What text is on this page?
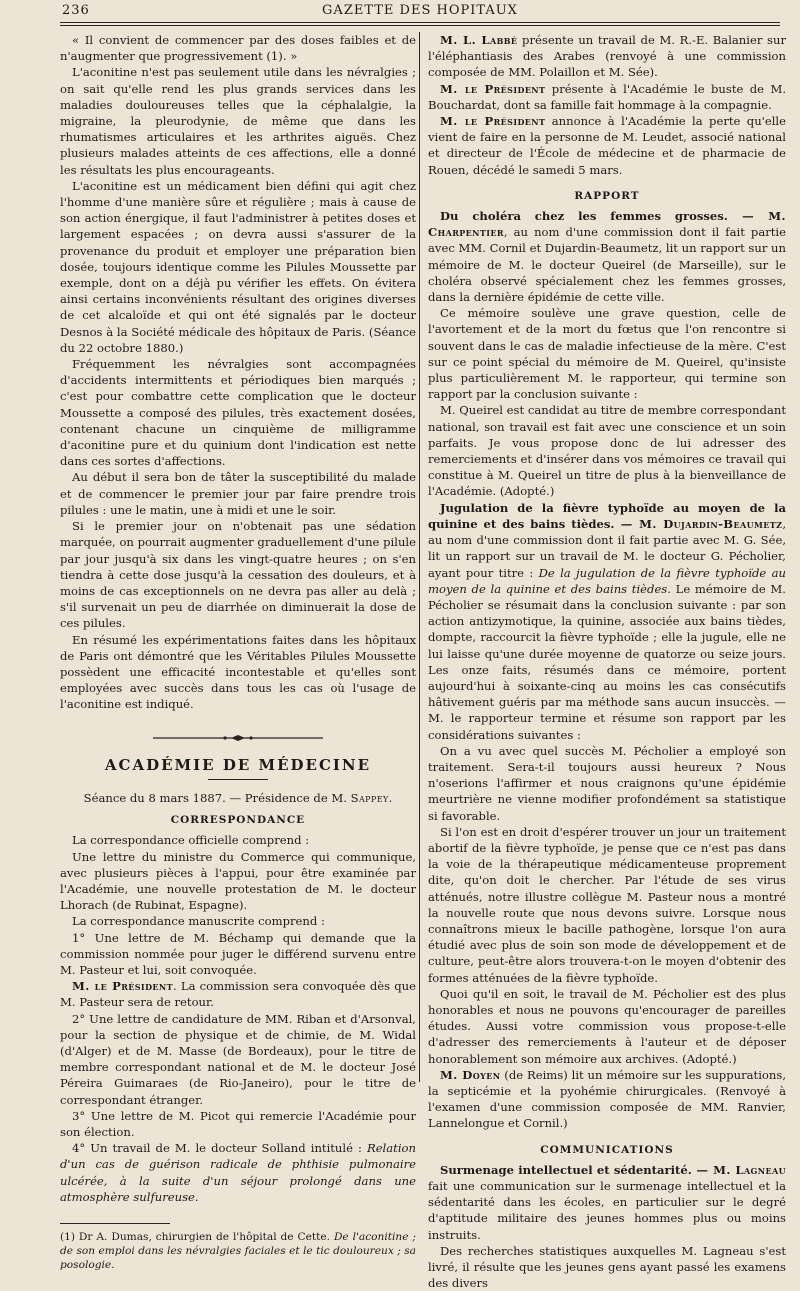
236	GAZETTE DES HOPITAUX

« Il convient de commencer par des doses faibles et de n'augmenter que progressivement (1). »

L'aconitine n'est pas seulement utile dans les névralgies ; on sait qu'elle rend les plus grands services dans les maladies douloureuses telles que la céphalalgie, la migraine, la pleurodynie, de même que dans les rhumatismes articulaires et les arthrites aiguës. Chez plusieurs malades atteints de ces affections, elle a donné les résultats les plus encourageants.

L'aconitine est un médicament bien défini qui agit chez l'homme d'une manière sûre et régulière ; mais à cause de son action énergique, il faut l'administrer à petites doses et largement espacées ; on devra aussi s'assurer de la provenance du produit et employer une préparation bien dosée, toujours identique comme les Pilules Moussette par exemple, dont on a déjà pu vérifier les effets. On évitera ainsi certains inconvénients résultant des origines diverses de cet alcaloïde et qui ont été signalés par le docteur Desnos à la Société médicale des hôpitaux de Paris. (Séance du 22 octobre 1880.)

Fréquemment les névralgies sont accompagnées d'accidents intermittents et périodiques bien marqués ; c'est pour combattre cette complication que le docteur Moussette a composé des pilules, très exactement dosées, contenant chacune un cinquième de milligramme d'aconitine pure et du quinium dont l'indication est nette dans ces sortes d'affections.

Au début il sera bon de tâter la susceptibilité du malade et de commencer le premier jour par faire prendre trois pilules : une le matin, une à midi et une le soir.

Si le premier jour on n'obtenait pas une sédation marquée, on pourrait augmenter graduellement d'une pilule par jour jusqu'à six dans les vingt-quatre heures ; on s'en tiendra à cette dose jusqu'à la cessation des douleurs, et à moins de cas exceptionnels on ne devra pas aller au delà ; s'il survenait un peu de diarrhée on diminuerait la dose de ces pilules.

En résumé les expérimentations faites dans les hôpitaux de Paris ont démontré que les Véritables Pilules Moussette possèdent une efficacité incontestable et qu'elles sont employées avec succès dans tous les cas où l'usage de l'aconitine est indiqué.

ACADÉMIE DE MÉDECINE
Séance du 8 mars 1887. — Présidence de M. Sappey.
CORRESPONDANCE

La correspondance officielle comprend :

Une lettre du ministre du Commerce qui communique, avec plusieurs pièces à l'appui, pour être examinée par l'Académie, une nouvelle protestation de M. le docteur Lhorach (de Rubinat, Espagne).

La correspondance manuscrite comprend :

1° Une lettre de M. Béchamp qui demande que la commission nommée pour juger le différend survenu entre M. Pasteur et lui, soit convoquée.

M. le Président. La commission sera convoquée dès que M. Pasteur sera de retour.

2° Une lettre de candidature de MM. Riban et d'Arsonval, pour la section de physique et de chimie, de M. Widal (d'Alger) et de M. Masse (de Bordeaux), pour le titre de membre correspondant national et de M. le docteur José Péreira Guimaraes (de Rio-Janeiro), pour le titre de correspondant étranger.

3° Une lettre de M. Picot qui remercie l'Académie pour son élection.

4° Un travail de M. le docteur Solland intitulé : Relation d'un cas de guérison radicale de phthisie pulmonaire ulcérée, à la suite d'un séjour prolongé dans une atmosphère sulfureuse.

(1) Dr A. Dumas, chirurgien de l'hôpital de Cette. De l'aconitine ; de son emploi dans les névralgies faciales et le tic douloureux ; sa posologie.

M. L. Labbé présente un travail de M. R.-E. Balanier sur l'éléphantiasis des Arabes (renvoyé à une commission composée de MM. Polaillon et M. Sée).

M. le Président présente à l'Académie le buste de M. Bouchardat, dont sa famille fait hommage à la compagnie.

M. le Président annonce à l'Académie la perte qu'elle vient de faire en la personne de M. Leudet, associé national et directeur de l'École de médecine et de pharmacie de Rouen, décédé le samedi 5 mars.

RAPPORT

Du choléra chez les femmes grosses. — M. Charpentier, au nom d'une commission dont il fait partie avec MM. Cornil et Dujardin-Beaumetz, lit un rapport sur un mémoire de M. le docteur Queirel (de Marseille), sur le choléra observé spécialement chez les femmes grosses, dans la dernière épidémie de cette ville.

Ce mémoire soulève une grave question, celle de l'avortement et de la mort du fœtus que l'on rencontre si souvent dans le cas de maladie infectieuse de la mère. C'est sur ce point spécial du mémoire de M. Queirel, qu'insiste plus particulièrement M. le rapporteur, qui termine son rapport par la conclusion suivante :

M. Queirel est candidat au titre de membre correspondant national, son travail est fait avec une conscience et un soin parfaits. Je vous propose donc de lui adresser des remerciements et d'insérer dans vos mémoires ce travail qui constitue à M. Queirel un titre de plus à la bienveillance de l'Académie. (Adopté.)

Jugulation de la fièvre typhoïde au moyen de la quinine et des bains tièdes. — M. Dujardin-Beaumetz, au nom d'une commission dont il fait partie avec M. G. Sée, lit un rapport sur un travail de M. le docteur G. Pécholier, ayant pour titre : De la jugulation de la fièvre typhoïde au moyen de la quinine et des bains tièdes. Le mémoire de M. Pécholier se résumait dans la conclusion suivante : par son action antizymotique, la quinine, associée aux bains tièdes, dompte, raccourcit la fièvre typhoïde ; elle la jugule, elle ne lui laisse qu'une durée moyenne de quatorze ou seize jours. Les onze faits, résumés dans ce mémoire, portent aujourd'hui à soixante-cinq au moins les cas consécutifs hâtivement guéris par ma méthode sans aucun insuccès. — M. le rapporteur termine et résume son rapport par les considérations suivantes :

On a vu avec quel succès M. Pécholier a employé son traitement. Sera-t-il toujours aussi heureux ? Nous n'oserions l'affirmer et nous craignons qu'une épidémie meurtrière ne vienne modifier profondément sa statistique si favorable.

Si l'on est en droit d'espérer trouver un jour un traitement abortif de la fièvre typhoïde, je pense que ce n'est pas dans la voie de la thérapeutique médicamenteuse proprement dite, qu'on doit le chercher. Par l'étude de ses virus atténués, notre illustre collègue M. Pasteur nous a montré la nouvelle route que nous devons suivre. Lorsque nous connaîtrons mieux le bacille pathogène, lorsque l'on aura étudié avec plus de soin son mode de développement et de culture, peut-être alors trouvera-t-on le moyen d'obtenir des formes atténuées de la fièvre typhoïde.

Quoi qu'il en soit, le travail de M. Pécholier est des plus honorables et nous ne pouvons qu'encourager de pareilles études. Aussi votre commission vous propose-t-elle d'adresser des remerciements à l'auteur et de déposer honorablement son mémoire aux archives. (Adopté.)

M. Doyen (de Reims) lit un mémoire sur les suppurations, la septicémie et la pyohémie chirurgicales. (Renvoyé à l'examen d'une commission composée de MM. Ranvier, Lannelongue et Cornil.)

COMMUNICATIONS

Surmenage intellectuel et sédentarité. — M. Lagneau fait une communication sur le surmenage intellectuel et la sédentarité dans les écoles, en particulier sur le degré d'aptitude militaire des jeunes hommes plus ou moins instruits.

Des recherches statistiques auxquelles M. Lagneau s'est livré, il résulte que les jeunes gens ayant passé les examens des divers
